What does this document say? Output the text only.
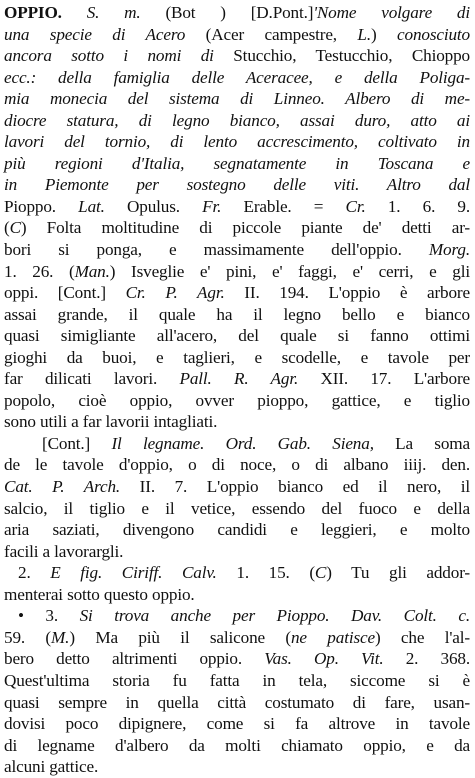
OPPIO. S. m. (Bot ) [D.Pont.]'Nome volgare di
una specie di Acero (Acer campestre, L.) conosciuto
ancora sotto i nomi di Stucchio, Testucchio, Chioppo
ecc.: della famiglia delle Aceracee, e della Poliga-
mia monecia del sistema di Linneo. Albero di me-
diocre statura, di legno bianco, assai duro, atto ai
lavori del tornio, di lento accrescimento, coltivato in
più regioni d'Italia, segnatamente in Toscana e
in Piemonte per sostegno delle viti. Altro dal
Pioppo. Lat. Opulus. Fr. Erable. = Cr. 1. 6. 9.
(C) Folta moltitudine di piccole piante de' detti ar-
bori si ponga, e massimamente dell'oppio. Morg.
1. 26. (Man.) Isveglie e' pini, e' faggi, e' cerri, e gli
oppi. [Cont.] Cr. P. Agr. II. 194. L'oppio è arbore
assai grande, il quale ha il legno bello e bianco
quasi simigliante all'acero, del quale si fanno ottimi
gioghi da buoi, e taglieri, e scodelle, e tavole per
far dilicati lavori. Pall. R. Agr. XII. 17. L'arbore
popolo, cioè oppio, ovver pioppo, gattice, e tiglio
sono utili a far lavorii intagliati.
[Cont.] Il legname. Ord. Gab. Siena, La soma
de le tavole d'oppio, o di noce, o di albano iiij. den.
Cat. P. Arch. II. 7. L'oppio bianco ed il nero, il
salcio, il tiglio e il vetice, essendo del fuoco e della
aria saziati, divengono candidi e leggieri, e molto
facili a lavorargli.
2. E fig. Ciriff. Calv. 1. 15. (C) Tu gli addor-
menterai sotto questo oppio.
• 3. Si trova anche per Pioppo. Dav. Colt. c.
59. (M.) Ma più il salicone (ne patisce) che l'al-
bero detto altrimenti oppio. Vas. Op. Vit. 2. 368.
Quest'ultima storia fu fatta in tela, siccome si è
quasi sempre in quella città costumato di fare, usan-
dovisi poco dipignere, come si fa altrove in tavole
di legname d'albero da molti chiamato oppio, e da
alcuni gattice.
